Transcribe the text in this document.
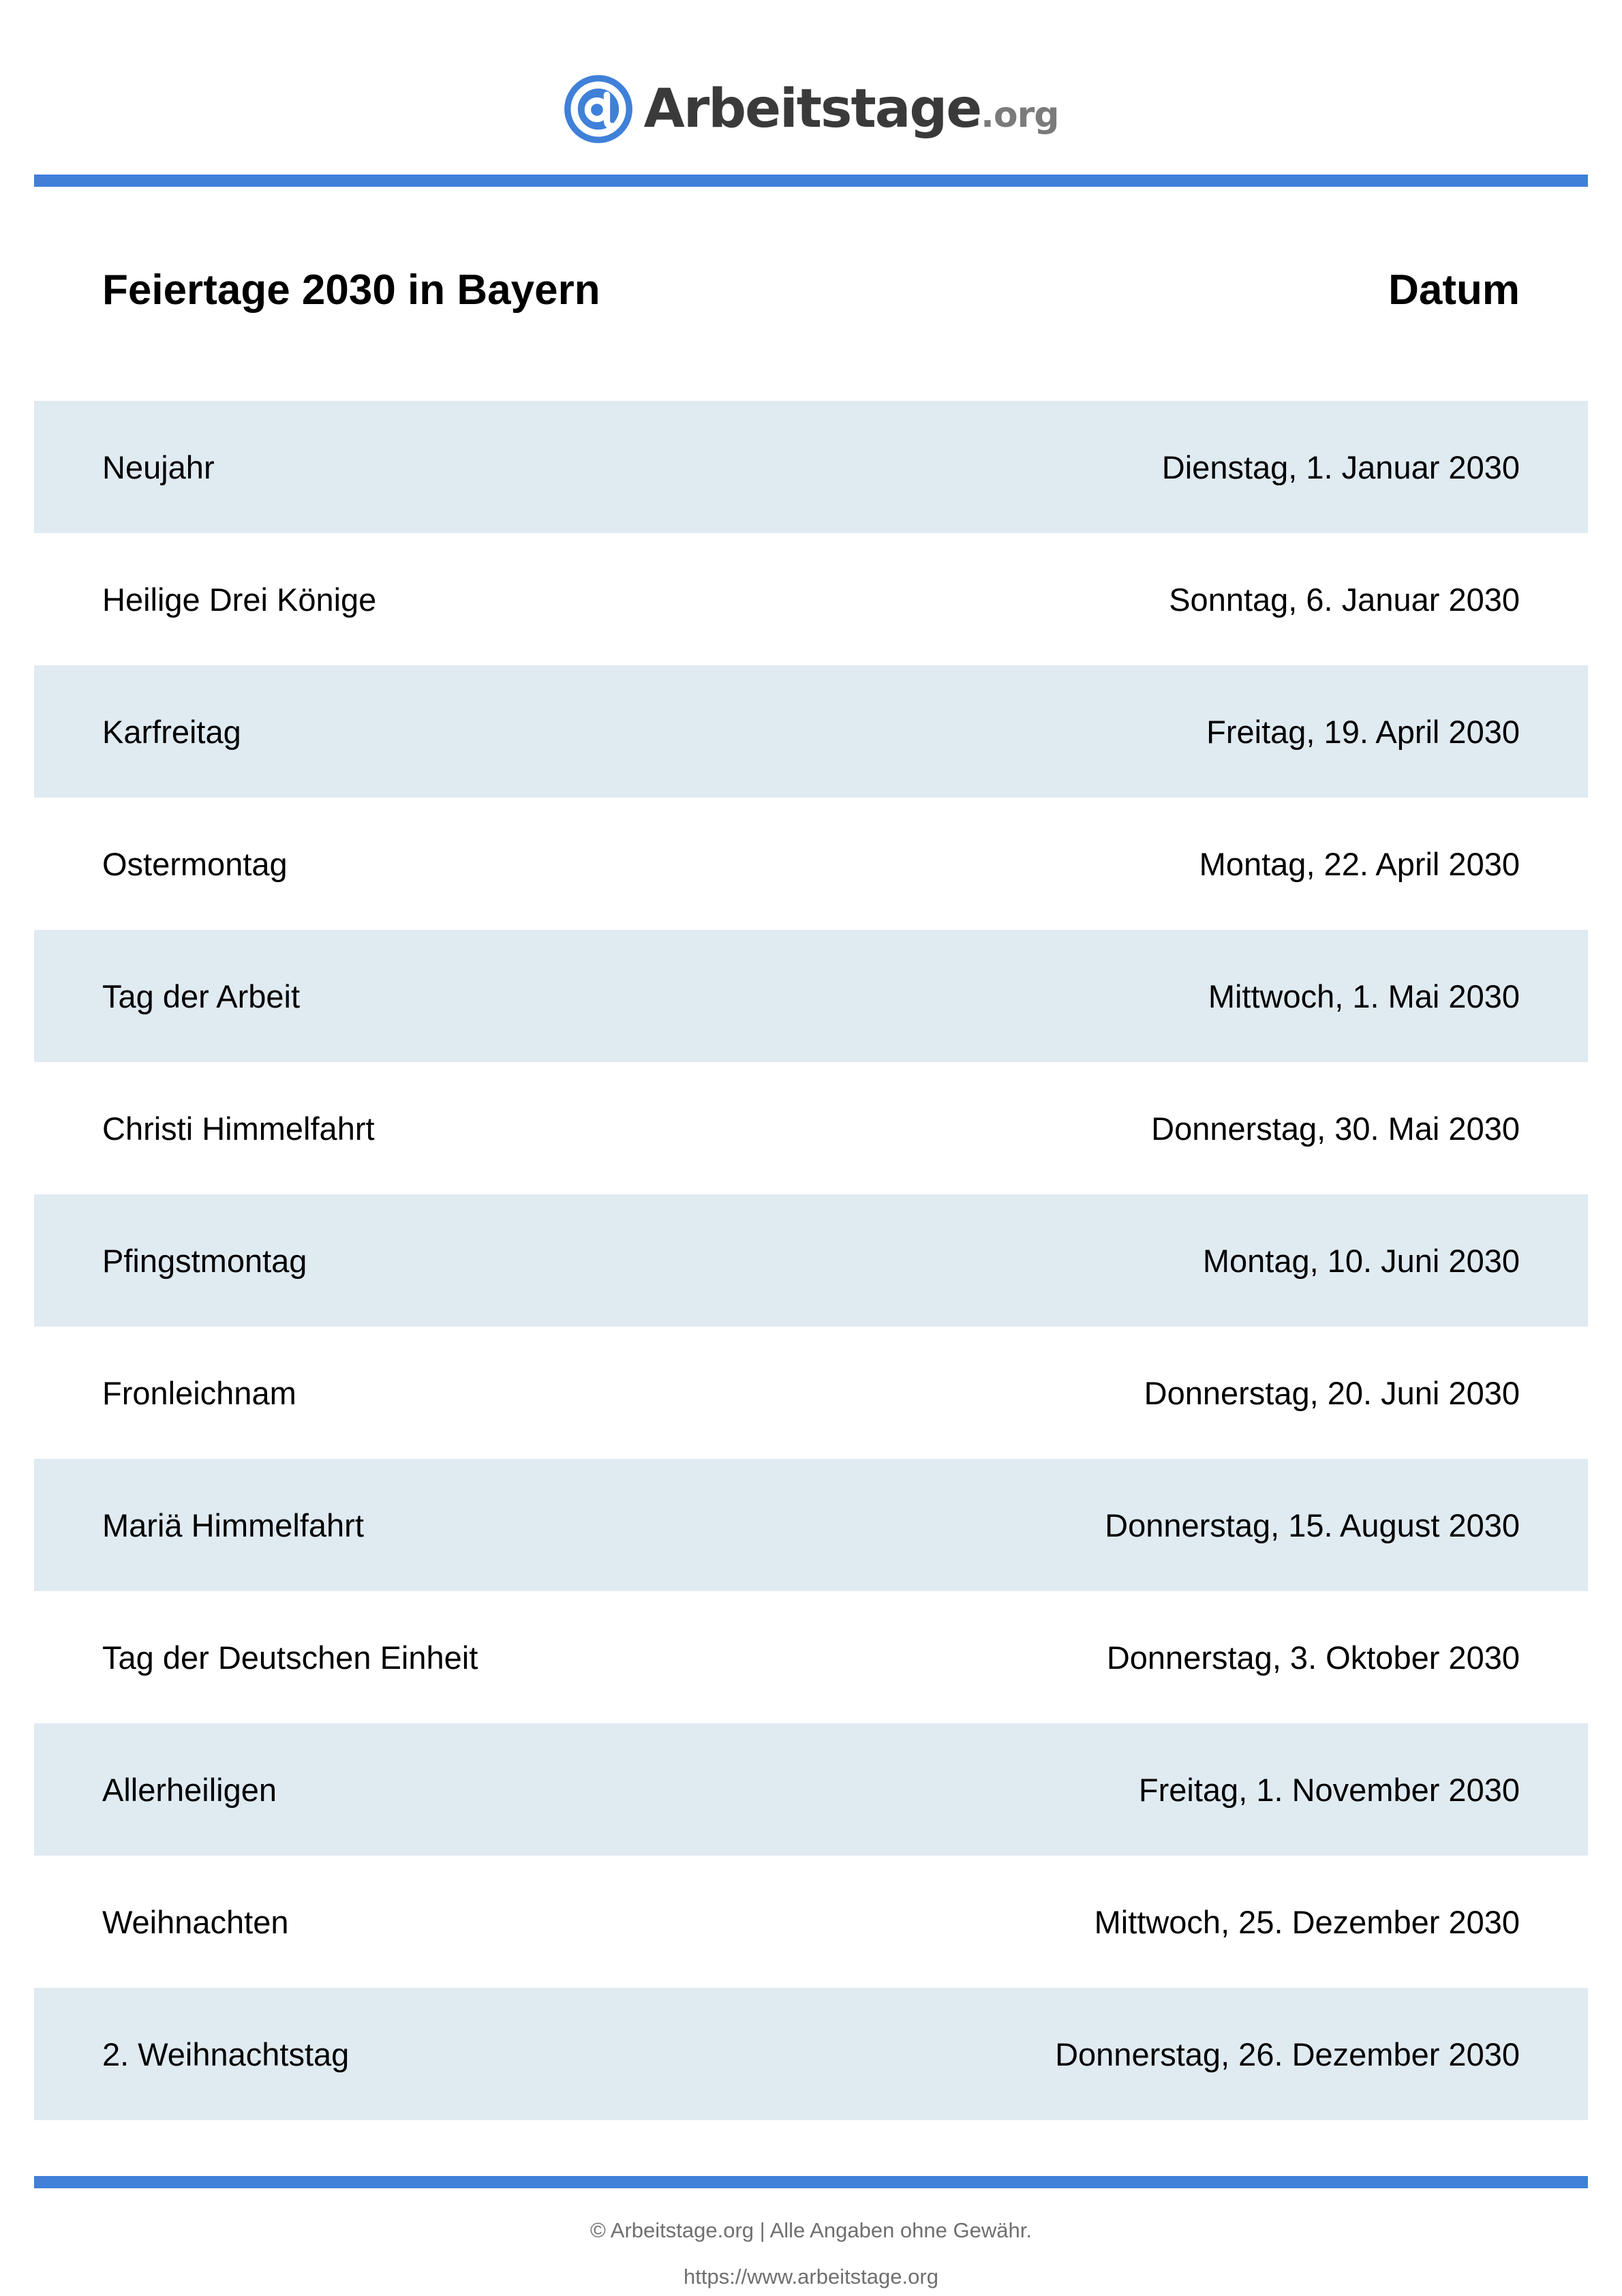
Arbeitstage.org
Feiertage 2030 in Bayern	Datum
Neujahr	Dienstag, 1. Januar 2030
Heilige Drei Könige	Sonntag, 6. Januar 2030
Karfreitag	Freitag, 19. April 2030
Ostermontag	Montag, 22. April 2030
Tag der Arbeit	Mittwoch, 1. Mai 2030
Christi Himmelfahrt	Donnerstag, 30. Mai 2030
Pfingstmontag	Montag, 10. Juni 2030
Fronleichnam	Donnerstag, 20. Juni 2030
Mariä Himmelfahrt	Donnerstag, 15. August 2030
Tag der Deutschen Einheit	Donnerstag, 3. Oktober 2030
Allerheiligen	Freitag, 1. November 2030
Weihnachten	Mittwoch, 25. Dezember 2030
2. Weihnachtstag	Donnerstag, 26. Dezember 2030
© Arbeitstage.org | Alle Angaben ohne Gewähr.
https://www.arbeitstage.org
